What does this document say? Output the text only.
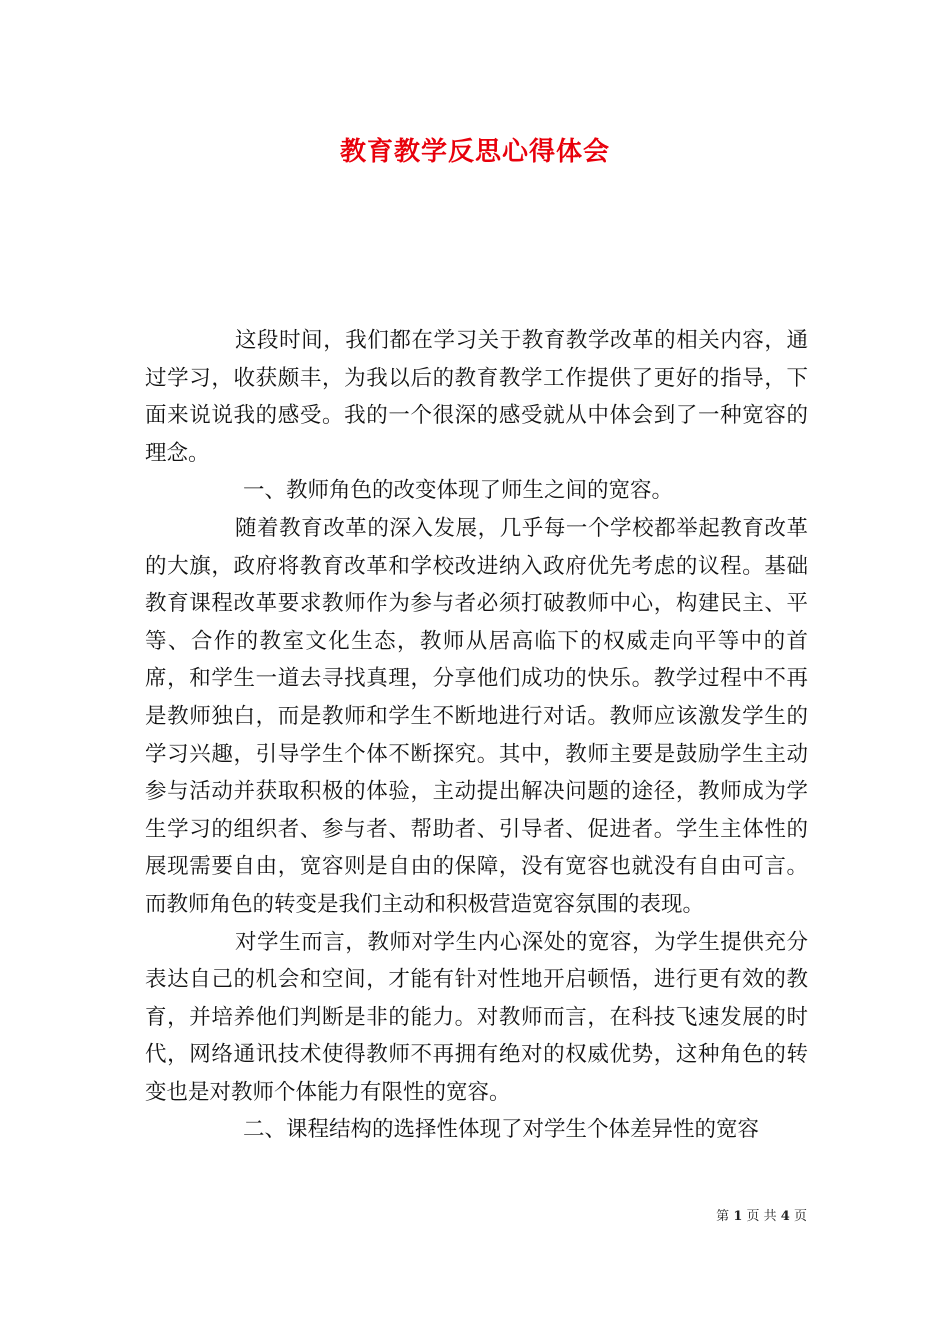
教育教学反思心得体会

这段时间，我们都在学习关于教育教学改革的相关内容，通过学习，收获颇丰，为我以后的教育教学工作提供了更好的指导，下面来说说我的感受。我的一个很深的感受就从中体会到了一种宽容的理念。

一、教师角色的改变体现了师生之间的宽容。

随着教育改革的深入发展，几乎每一个学校都举起教育改革的大旗，政府将教育改革和学校改进纳入政府优先考虑的议程。基础教育课程改革要求教师作为参与者必须打破教师中心，构建民主、平等、合作的教室文化生态，教师从居高临下的权威走向平等中的首席，和学生一道去寻找真理，分享他们成功的快乐。教学过程中不再是教师独白，而是教师和学生不断地进行对话。教师应该激发学生的学习兴趣，引导学生个体不断探究。其中，教师主要是鼓励学生主动参与活动并获取积极的体验，主动提出解决问题的途径，教师成为学生学习的组织者、参与者、帮助者、引导者、促进者。学生主体性的展现需要自由，宽容则是自由的保障，没有宽容也就没有自由可言。而教师角色的转变是我们主动和积极营造宽容氛围的表现。

对学生而言，教师对学生内心深处的宽容，为学生提供充分表达自己的机会和空间，才能有针对性地开启顿悟，进行更有效的教育，并培养他们判断是非的能力。对教师而言，在科技飞速发展的时代，网络通讯技术使得教师不再拥有绝对的权威优势，这种角色的转变也是对教师个体能力有限性的宽容。

二、课程结构的选择性体现了对学生个体差异性的宽容

第 1 页 共 4 页
